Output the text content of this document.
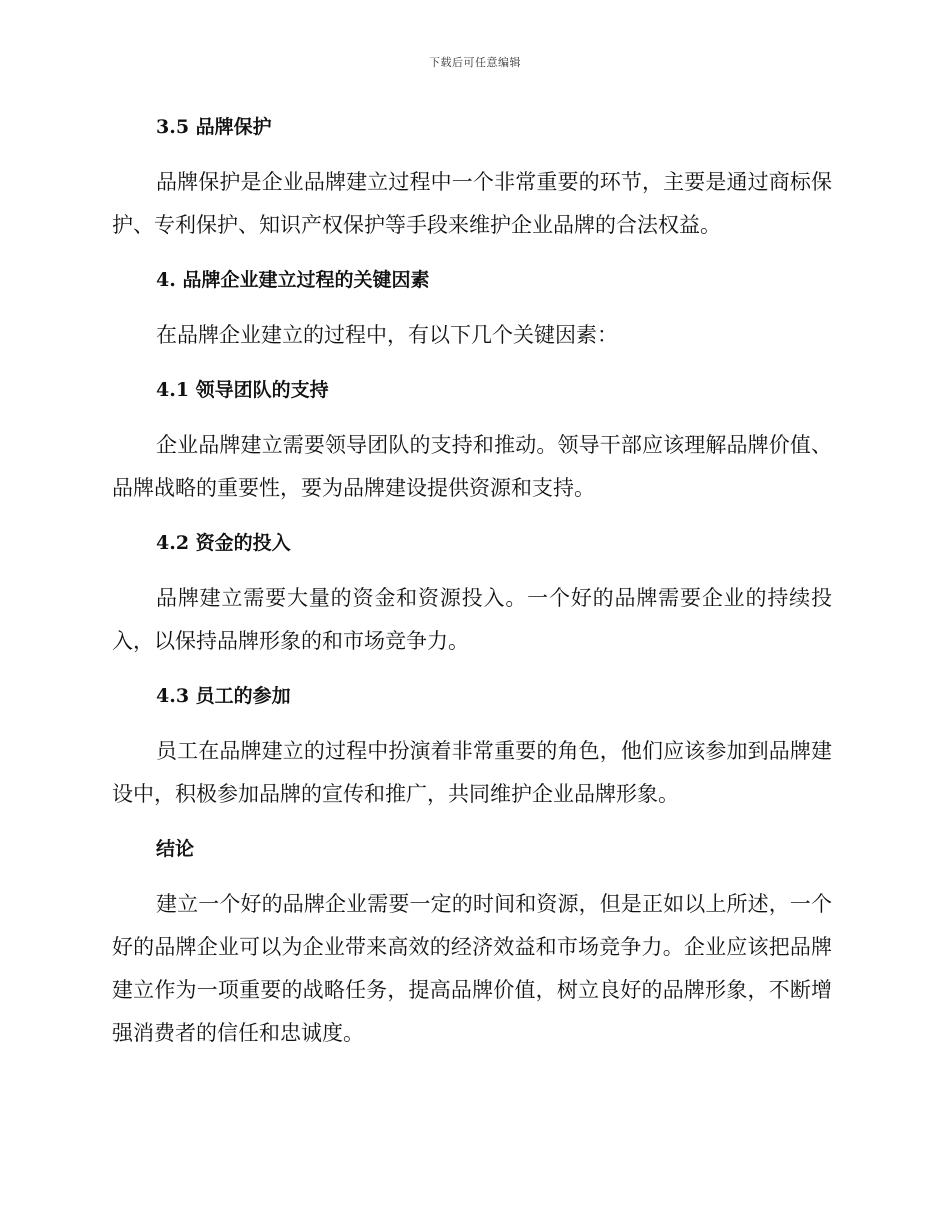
下载后可任意编辑
3.5 品牌保护

品牌保护是企业品牌建立过程中一个非常重要的环节，主要是通过商标保护、专利保护、知识产权保护等手段来维护企业品牌的合法权益。

4. 品牌企业建立过程的关键因素

在品牌企业建立的过程中，有以下几个关键因素：

4.1 领导团队的支持

企业品牌建立需要领导团队的支持和推动。领导干部应该理解品牌价值、品牌战略的重要性，要为品牌建设提供资源和支持。

4.2 资金的投入

品牌建立需要大量的资金和资源投入。一个好的品牌需要企业的持续投入，以保持品牌形象的和市场竞争力。

4.3 员工的参加

员工在品牌建立的过程中扮演着非常重要的角色，他们应该参加到品牌建设中，积极参加品牌的宣传和推广，共同维护企业品牌形象。

结论

建立一个好的品牌企业需要一定的时间和资源，但是正如以上所述，一个好的品牌企业可以为企业带来高效的经济效益和市场竞争力。企业应该把品牌建立作为一项重要的战略任务，提高品牌价值，树立良好的品牌形象，不断增强消费者的信任和忠诚度。
